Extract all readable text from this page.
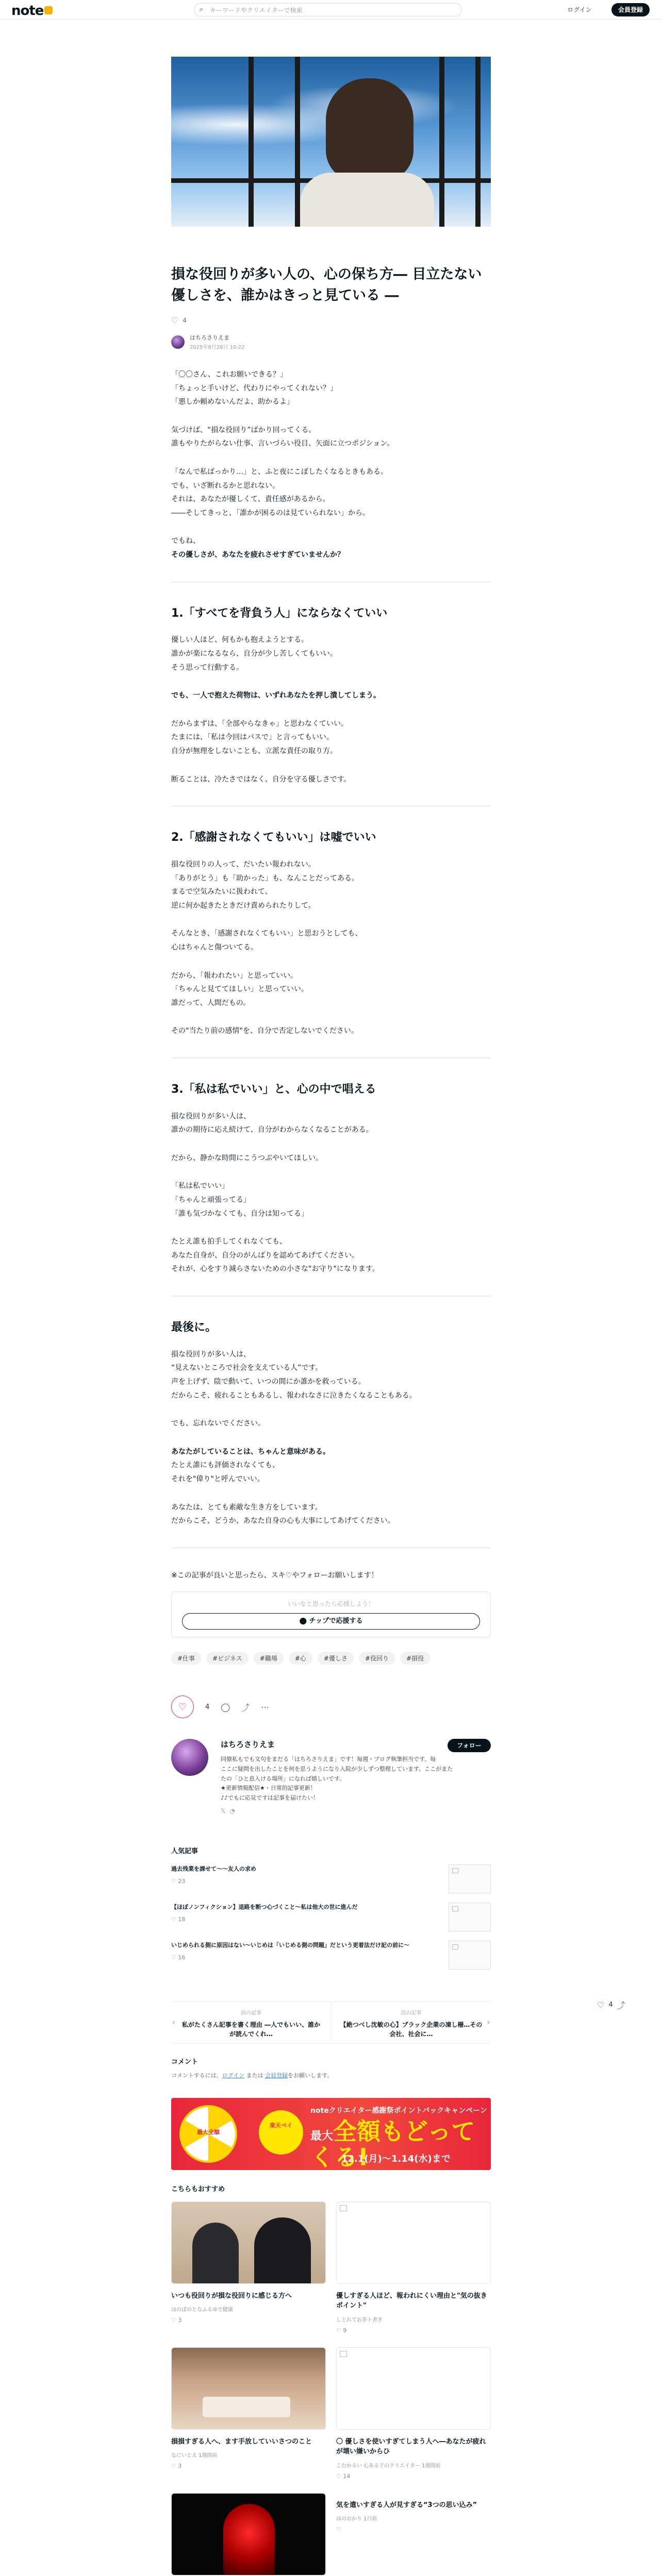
note	⌕ キーワードやクリエイターで検索	ログイン	会員登録
♡ 4 ⤴
損な役回りが多い人の、心の保ち方― 目立たない優しさを、誰かはきっと見ている ―
♡ 4
はちろさりえま
2025年8月28日 10:22

「〇〇さん、これお願いできる？」
「ちょっと手いけど、代わりにやってくれない？」
「悪しか頼めないんだよ、助かるよ」

気づけば、“損な役回り”ばかり回ってくる。
誰もやりたがらない仕事、言いづらい役目、矢面に立つポジション。

「なんで私ばっかり…」と、ふと夜にこぼしたくなるときもある。
でも、いざ断れるかと思れない。
それは、あなたが優しくて、責任感があるから。
――そしてきっと、「誰かが困るのは見ていられない」から。

でもね、
その優しさが、あなたを疲れさせすぎていませんか？

1.「すべてを背負う人」にならなくていい

優しい人ほど、何もかも抱えようとする。
誰かが楽になるなら、自分が少し苦しくてもいい。
そう思って行動する。

でも、一人で抱えた荷物は、いずれあなたを押し潰してしまう。

だからまずは、「全部やらなきゃ」と思わなくていい。
たまには、「私は今回はパスで」と言ってもいい。
自分が無理をしないことも、立派な責任の取り方。

断ることは、冷たさではなく、自分を守る優しさです。

2.「感謝されなくてもいい」は嘘でいい

損な役回りの人って、だいたい報われない。
「ありがとう」も「助かった」も、なんことだってある。
まるで空気みたいに扱われて、
逆に何か起きたときだけ責められたりして。

そんなとき、「感謝されなくてもいい」と思おうとしても、
心はちゃんと傷ついてる。

だから、「報われたい」と思っていい。
「ちゃんと見ててほしい」と思っていい。
誰だって、人間だもの。

その"当たり前の感情"を、自分で否定しないでください。

3.「私は私でいい」と、心の中で唱える

損な役回りが多い人は、
誰かの期待に応え続けて、自分がわからなくなることがある。

だから、静かな時間にこうつぶやいてほしい。

「私は私でいい」
「ちゃんと頑張ってる」
「誰も気づかなくても、自分は知ってる」

たとえ誰も拍手してくれなくても、
あなた自身が、自分のがんばりを認めてあげてください。
それが、心をすり減らさないための小さな"お守り"になります。

最後に。

損な役回りが多い人は、
“見えないところで社会を支えている人”です。
声を上げず、陰で動いて、いつの間にか誰かを救っている。
だからこそ、疲れることもあるし、報われなさに泣きたくなることもある。

でも、忘れないでください。

あなたがしていることは、ちゃんと意味がある。
たとえ誰にも評価されなくても、
それを"偉り"と呼んでいい。

あなたは、とても素敵な生き方をしています。
だからこそ、どうか、あなた自身の心も大事にしてあげてください。

※この記事が良いと思ったら、スキ♡やフォローお願いします！

いいなと思ったら応援しよう！
⬤ チップで応援する
#仕事	#ビジネス	#職場	#心	#優しさ	#役回り	#損役
♡	4 ◯ ⤴ ⋯
はちろさりえま	フォロー
同僚私もでも文句をまだる「はちろさりえま」です！毎週・ブログ執筆担当です。毎
ここに疑問を出したことを何を思うようになり入院が少しずつ整理しています。ここがまた
たの「ひと息入ける場所」になれば嬉しいです。
★更新情報配信★・日常的記事更新！
♪♪でもに応見ですは記事を届けたい！
𝕏 ◔
人気記事
過去残業を課せて〜〜友人の求め
♡ 23
【ほぼノンフィクション】退路を断つ心づくこと〜私は他大の世に進んだ
♡ 18
いじめられる側に原因はない〜いじめは「いじめる側の問題」だという更着法だけ記の前に〜
♡ 16
‹
前の記事
私がたくさん記事を書く理由 ―人でもいい、誰かが読んでくれ…
›
次の記事
【絶つべし沈敏の心】ブラック企業の凍し柵…その会社、社会に…
コメント
コメントするには、ログイン または 会員登録をお願いします。
最大全額
楽天ペイ
noteクリエイター感謝祭ポイントバックキャンペーン
最大全額もどってくる!
12.1(月)〜1.14(水)まで
こちらもおすすめ
いつも役回りが損な役回りに感じる方へ
ほのぼのとなふるゆで健康
♡ 3
優しすぎる人ほど、報われにくい理由と"気の抜きポイント"
しとれてお茶ト書き
♡ 9
損損すぎる人へ、ます手放していいさつのこと
なにいとえ 1週間前
♡ 3
〇 優しさを使いすぎてしまう人へ―あなたが疲れが壊い嫌いからひ
こむかるい 心ある子のクリエイター 1週間前
♡ 14
気を遣いすぎる人が見すぎる“3つの思い込み”
ほのおかり 1日前
♡
